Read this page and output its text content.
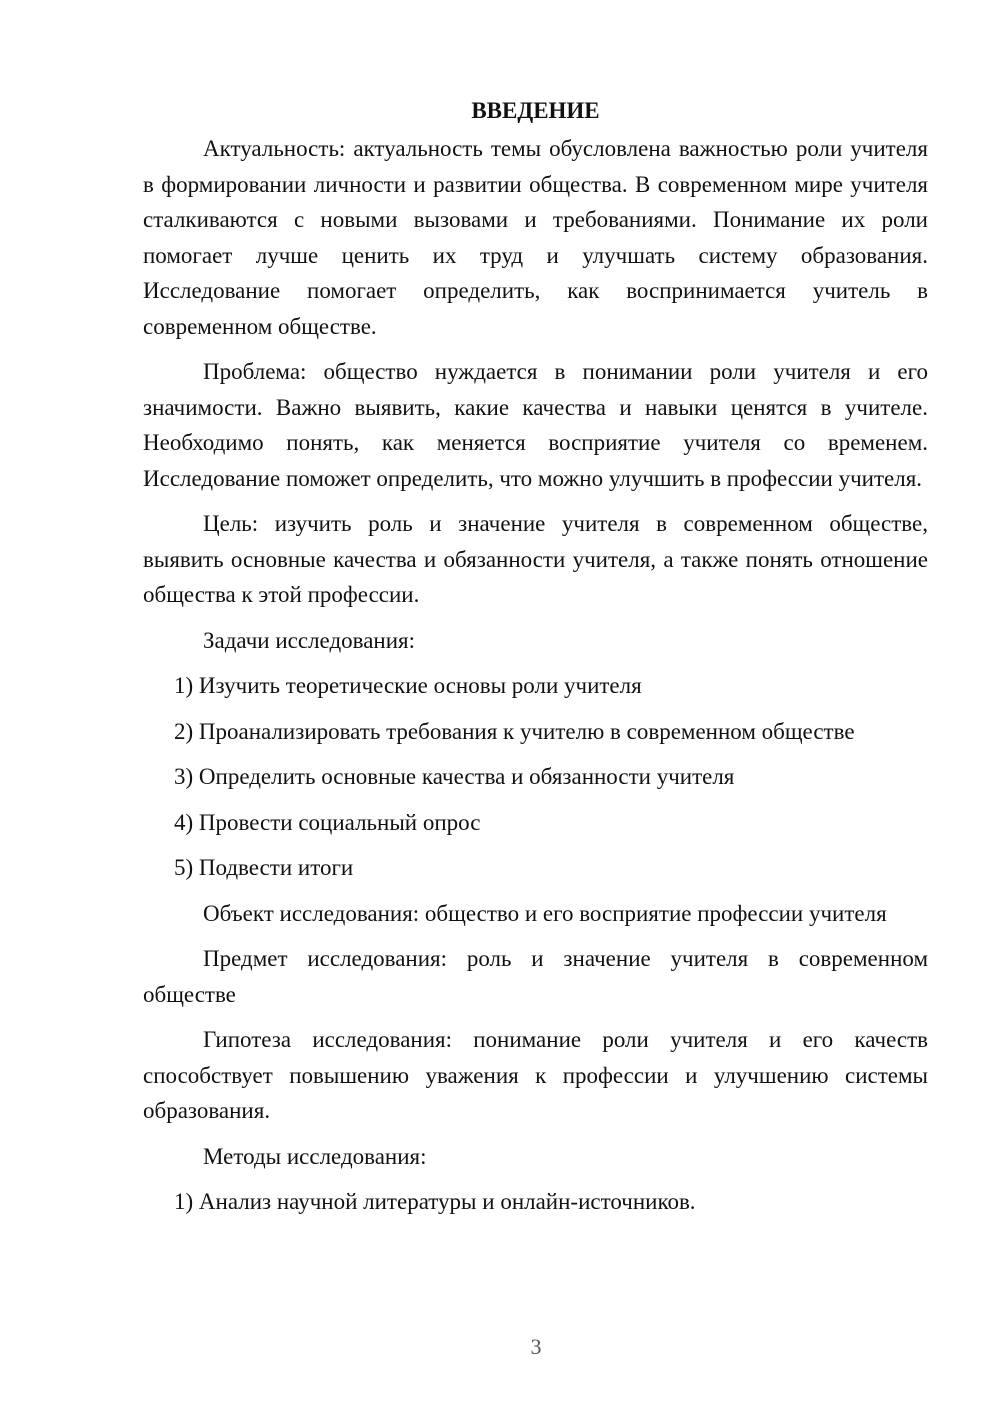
ВВЕДЕНИЕ

Актуальность: актуальность темы обусловлена важностью роли учителя в формировании личности и развитии общества. В современном мире учителя сталкиваются с новыми вызовами и требованиями. Понимание их роли помогает лучше ценить их труд и улучшать систему образования. Исследование помогает определить, как воспринимается учитель в современном обществе.

Проблема: общество нуждается в понимании роли учителя и его значимости. Важно выявить, какие качества и навыки ценятся в учителе. Необходимо понять, как меняется восприятие учителя со временем. Исследование поможет определить, что можно улучшить в профессии учителя.

Цель: изучить роль и значение учителя в современном обществе, выявить основные качества и обязанности учителя, а также понять отношение общества к этой профессии.

Задачи исследования:

1) Изучить теоретические основы роли учителя
2) Проанализировать требования к учителю в современном обществе
3) Определить основные качества и обязанности учителя
4) Провести социальный опрос
5) Подвести итоги

Объект исследования: общество и его восприятие профессии учителя

Предмет исследования: роль и значение учителя в современном обществе

Гипотеза исследования: понимание роли учителя и его качеств способствует повышению уважения к профессии и улучшению системы образования.

Методы исследования:

1) Анализ научной литературы и онлайн-источников.
3
